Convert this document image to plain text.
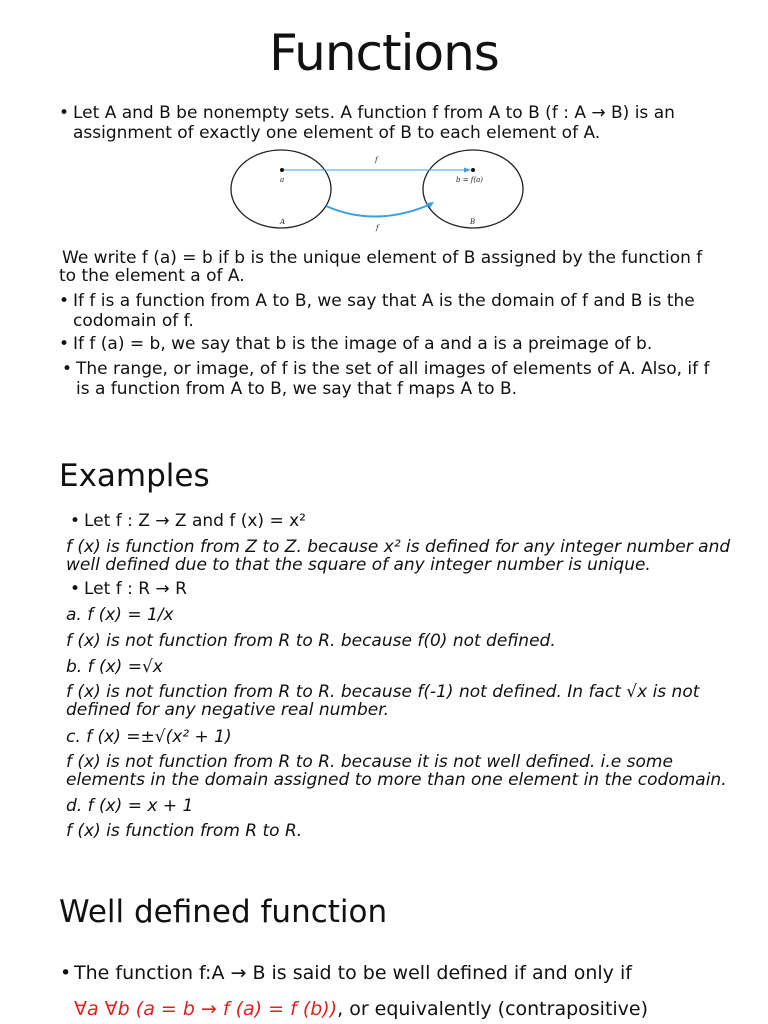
Functions
• Let A and B be nonempty sets. A function f from A to B (f : A → B) is an
assignment of exactly one element of B to each element of A.
f
a	b = f(a)
A	B
f
We write f (a) = b if b is the unique element of B assigned by the function f
to the element a of A.
• If f is a function from A to B, we say that A is the domain of f and B is the
codomain of f.
• If f (a) = b, we say that b is the image of a and a is a preimage of b.
• The range, or image, of f is the set of all images of elements of A. Also, if f
is a function from A to B, we say that f maps A to B.
Examples
• Let f : Z → Z and f (x) = x²
f (x) is function from Z to Z. because x² is defined for any integer number and
well defined due to that the square of any integer number is unique.
• Let f : R → R
a. f (x) = 1/x
f (x) is not function from R to R. because f(0) not defined.
b. f (x) =√x
f (x) is not function from R to R. because f(-1) not defined. In fact √x is not
defined for any negative real number.
c. f (x) =±√(x² + 1)
f (x) is not function from R to R. because it is not well defined. i.e some
elements in the domain assigned to more than one element in the codomain.
d. f (x) = x + 1
f (x) is function from R to R.
Well defined function
• The function f:A → B is said to be well defined if and only if
∀a ∀b (a = b → f (a) = f (b)), or equivalently (contrapositive)
